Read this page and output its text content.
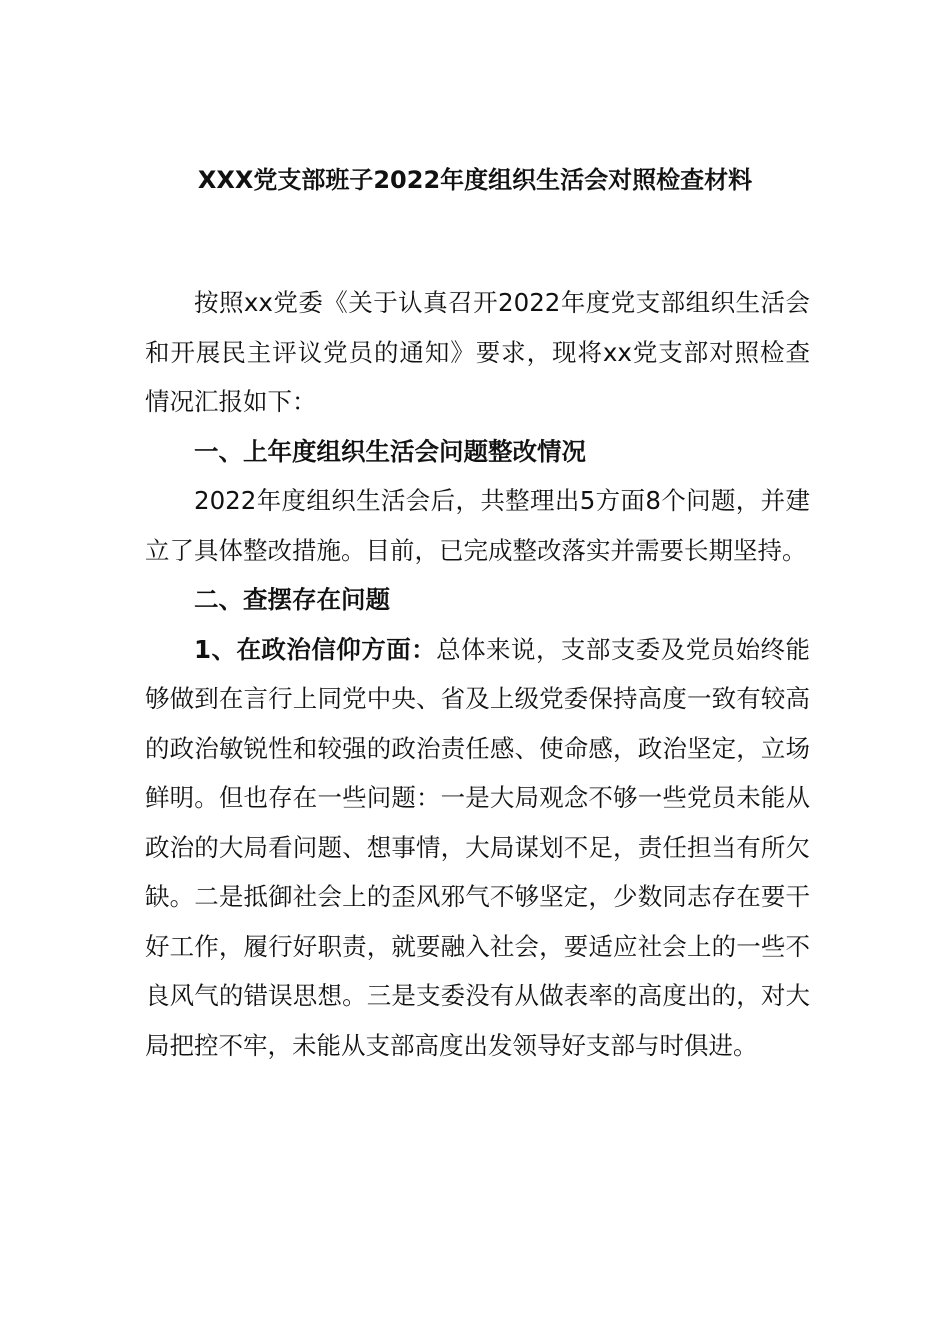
XXX党支部班子2022年度组织生活会对照检查材料

按照xx党委《关于认真召开2022年度党支部组织生活会和开展民主评议党员的通知》要求，现将xx党支部对照检查情况汇报如下：

一、上年度组织生活会问题整改情况

2022年度组织生活会后，共整理出5方面8个问题，并建立了具体整改措施。目前，已完成整改落实并需要长期坚持。

二、查摆存在问题

1、在政治信仰方面：总体来说，支部支委及党员始终能够做到在言行上同党中央、省及上级党委保持高度一致有较高的政治敏锐性和较强的政治责任感、使命感，政治坚定，立场鲜明。但也存在一些问题：一是大局观念不够一些党员未能从政治的大局看问题、想事情，大局谋划不足，责任担当有所欠缺。二是抵御社会上的歪风邪气不够坚定，少数同志存在要干好工作，履行好职责，就要融入社会，要适应社会上的一些不良风气的错误思想。三是支委没有从做表率的高度出的，对大局把控不牢，未能从支部高度出发领导好支部与时俱进。
